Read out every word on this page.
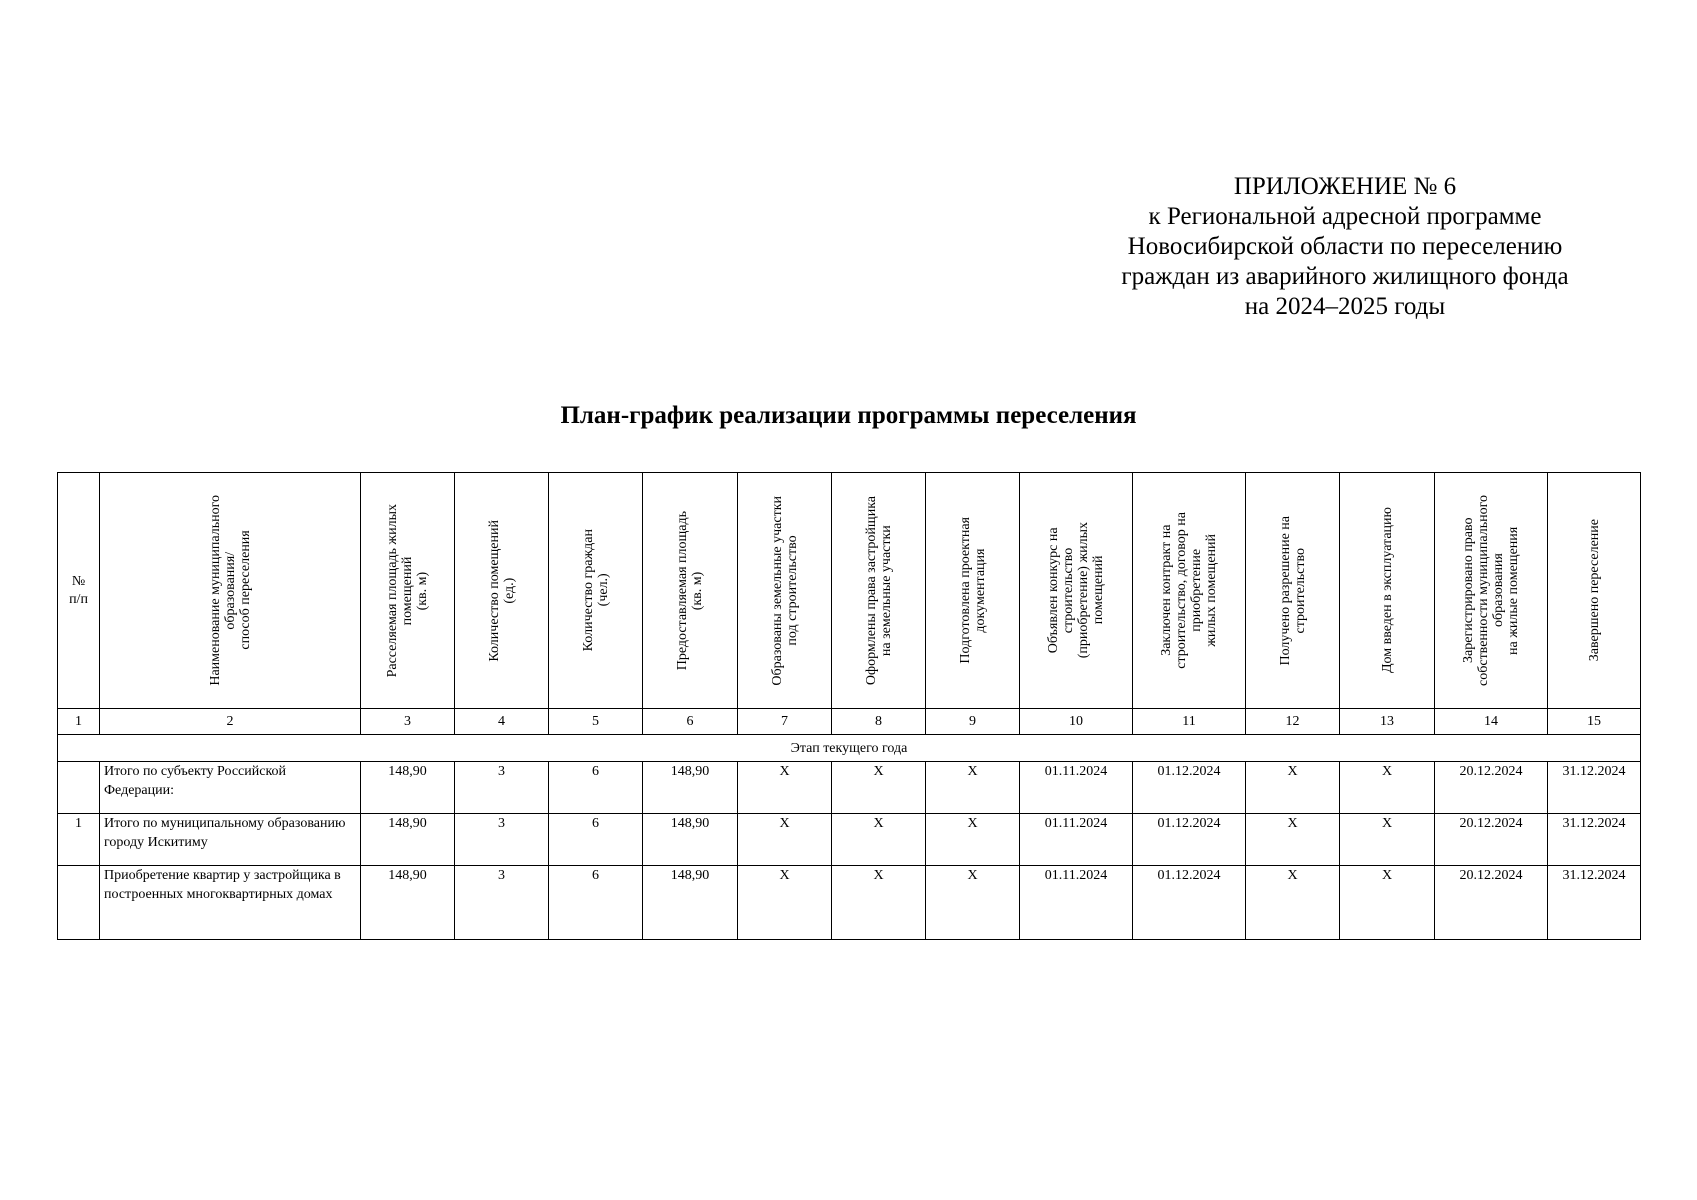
ПРИЛОЖЕНИЕ № 6
к Региональной адресной программе
Новосибирской области по переселению
граждан из аварийного жилищного фонда
на 2024–2025 годы
План-график реализации программы переселения
№
п/п	Наименование муниципального
образования/
способ переселения	Расселяемая площадь жилых
помещений
(кв. м)	Количество помещений
(ед.)	Количество граждан
(чел.)	Предоставляемая площадь
(кв. м)	Образованы земельные участки
под строительство	Оформлены права застройщика
на земельные участки	Подготовлена проектная
документация	Объявлен конкурс на
строительство
(приобретение) жилых
помещений	Заключен контракт на
строительство, договор на
приобретение
жилых помещений	Получено разрешение на
строительство	Дом введен в эксплуатацию	Зарегистрировано право
собственности муниципального
образования
на жилые помещения	Завершено переселение

1	2	3	4	5	6	7	8	9	10	11	12	13	14	15
Этап текущего года														
	Итого по субъекту Российской Федерации:	148,90	3	6	148,90	Х	Х	Х	01.11.2024	01.12.2024	Х	Х	20.12.2024	31.12.2024
1	Итого по муниципальному образованию городу Искитиму	148,90	3	6	148,90	Х	Х	Х	01.11.2024	01.12.2024	Х	Х	20.12.2024	31.12.2024
	Приобретение квартир у застройщика в построенных многоквартирных домах	148,90	3	6	148,90	Х	Х	Х	01.11.2024	01.12.2024	Х	Х	20.12.2024	31.12.2024
